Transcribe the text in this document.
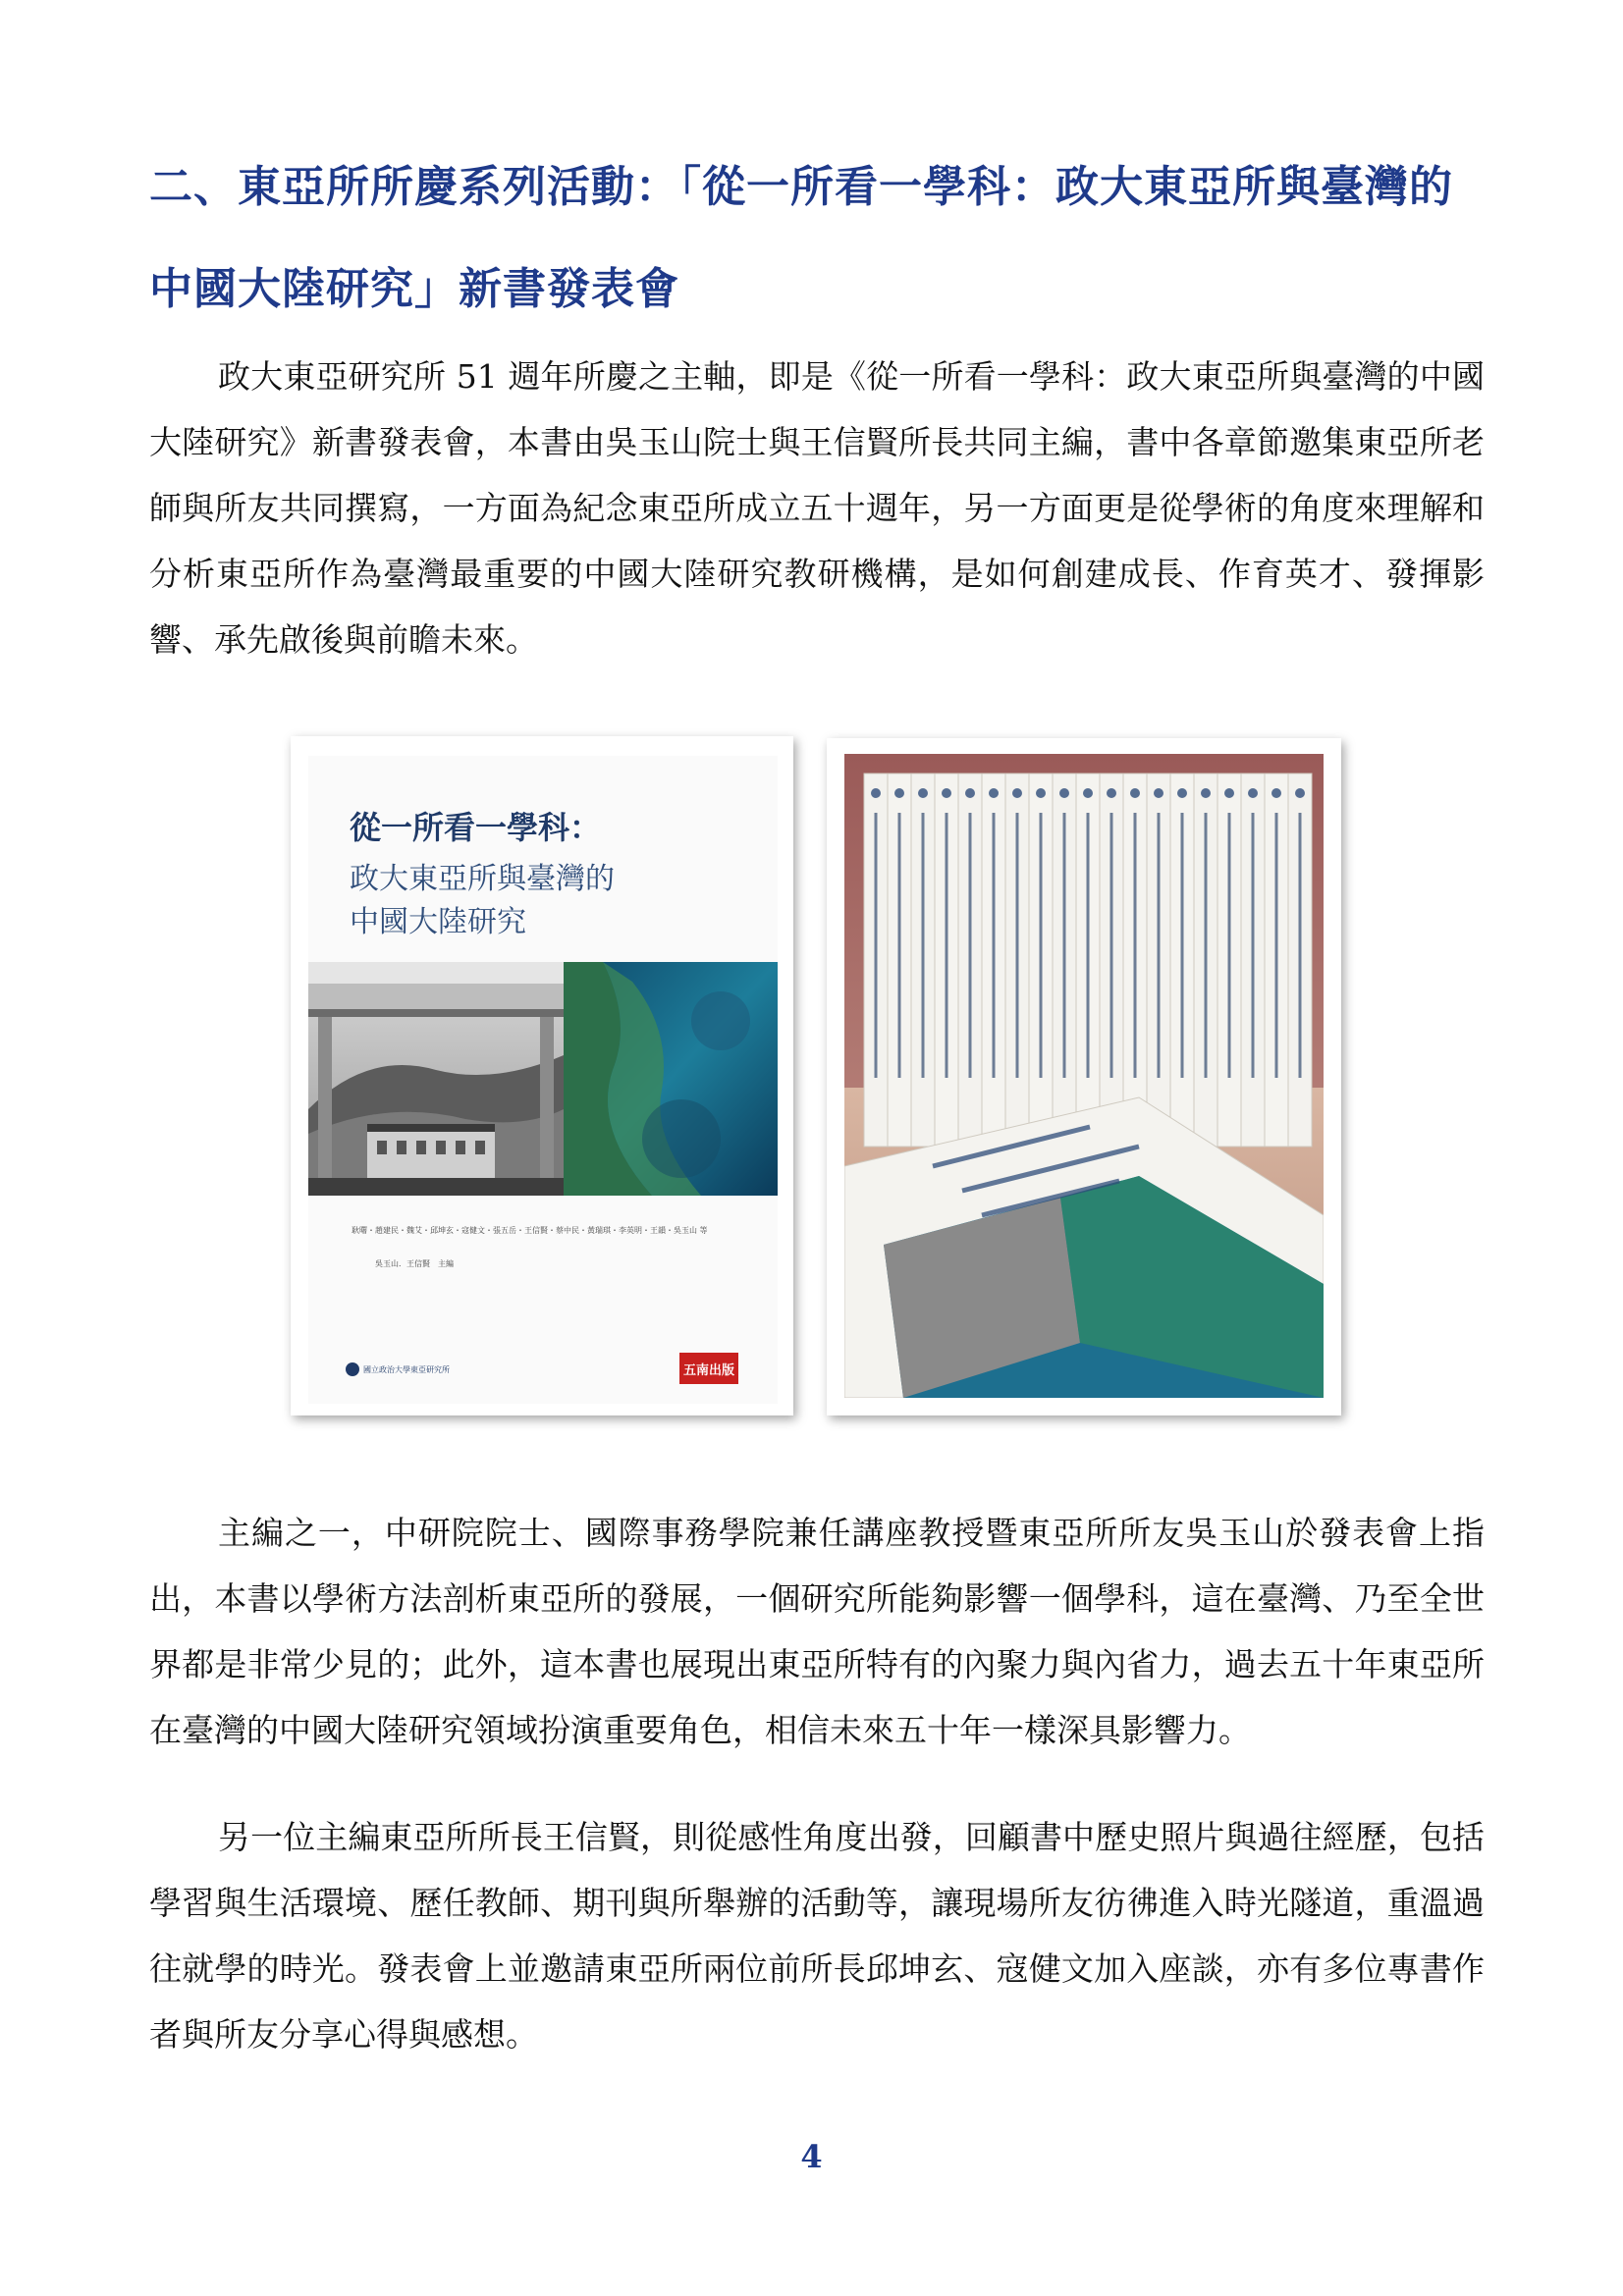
二、東亞所所慶系列活動：「從一所看一學科：政大東亞所與臺灣的
中國大陸研究」新書發表會

政大東亞研究所 51 週年所慶之主軸，即是《從一所看一學科：政大東亞所與臺灣的中國大陸研究》新書發表會，本書由吳玉山院士與王信賢所長共同主編，書中各章節邀集東亞所老師與所友共同撰寫，一方面為紀念東亞所成立五十週年，另一方面更是從學術的角度來理解和分析東亞所作為臺灣最重要的中國大陸研究教研機構，是如何創建成長、作育英才、發揮影響、承先啟後與前瞻未來。

從一所看一學科：
政大東亞所與臺灣的
中國大陸研究
耿曙・趙建民・魏艾・邱坤玄・寇健文・張五岳・王信賢・蔡中民・黃瑞琪・李英明・王韻・吳玉山 等
吳玉山．王信賢　主編
國立政治大學東亞研究所	五南出版

主編之一，中研院院士、國際事務學院兼任講座教授暨東亞所所友吳玉山於發表會上指出，本書以學術方法剖析東亞所的發展，一個研究所能夠影響一個學科，這在臺灣、乃至全世界都是非常少見的；此外，這本書也展現出東亞所特有的內聚力與內省力，過去五十年東亞所在臺灣的中國大陸研究領域扮演重要角色，相信未來五十年一樣深具影響力。

另一位主編東亞所所長王信賢，則從感性角度出發，回顧書中歷史照片與過往經歷，包括學習與生活環境、歷任教師、期刊與所舉辦的活動等，讓現場所友彷彿進入時光隧道，重溫過往就學的時光。發表會上並邀請東亞所兩位前所長邱坤玄、寇健文加入座談，亦有多位專書作者與所友分享心得與感想。

4
